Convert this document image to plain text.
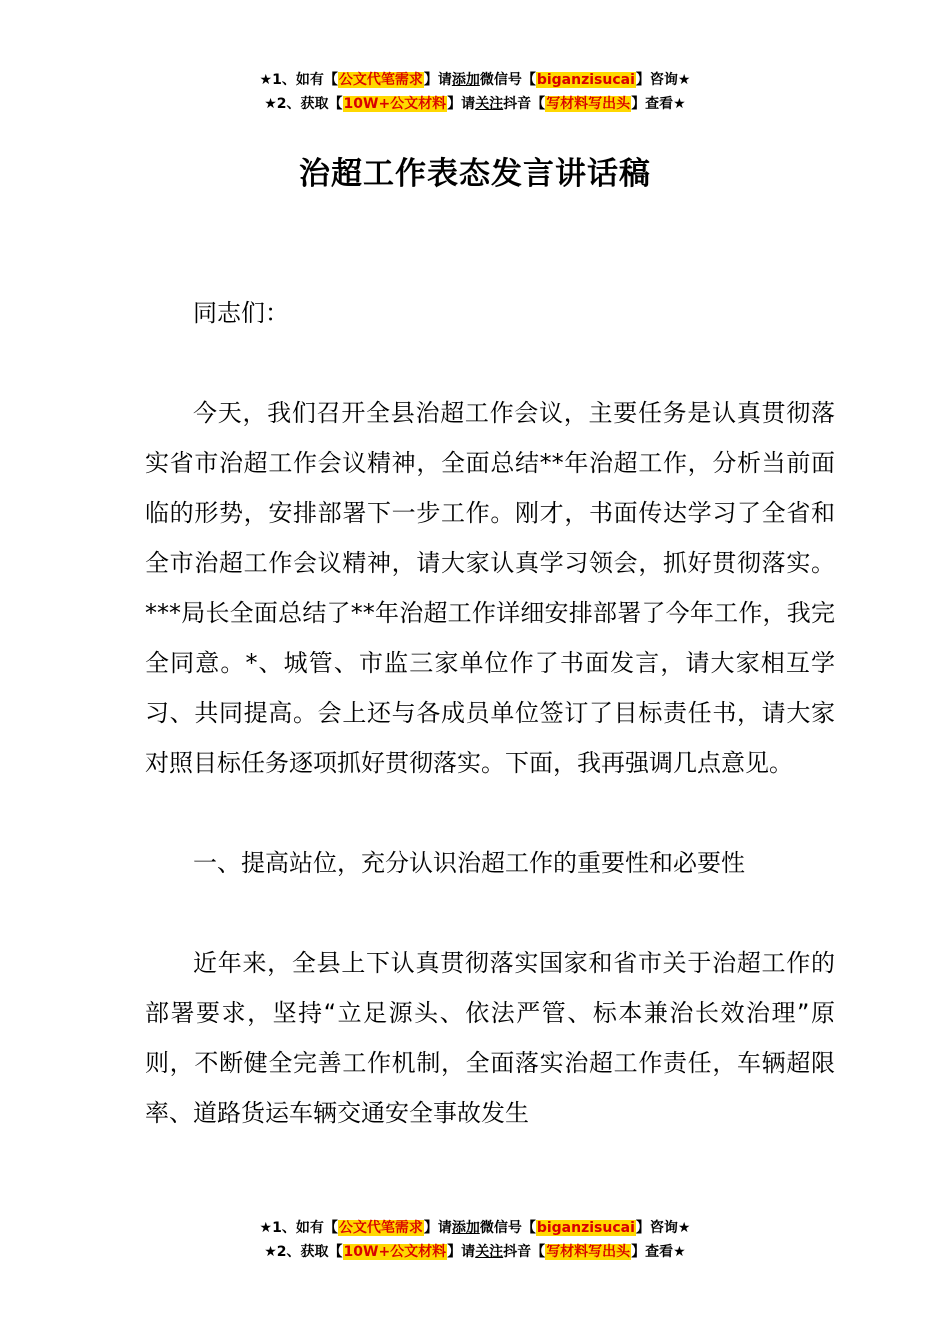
★1、如有【公文代笔需求】请添加微信号【biganzisucai】咨询★
★2、获取【10W+公文材料】请关注抖音【写材料写出头】查看★
治超工作表态发言讲话稿

同志们：

今天，我们召开全县治超工作会议，主要任务是认真贯彻落实省市治超工作会议精神，全面总结**年治超工作，分析当前面临的形势，安排部署下一步工作。刚才，书面传达学习了全省和全市治超工作会议精神，请大家认真学习领会，抓好贯彻落实。***局长全面总结了**年治超工作详细安排部署了今年工作，我完全同意。*、城管、市监三家单位作了书面发言，请大家相互学习、共同提高。会上还与各成员单位签订了目标责任书，请大家对照目标任务逐项抓好贯彻落实。下面，我再强调几点意见。

一、提高站位，充分认识治超工作的重要性和必要性

近年来，全县上下认真贯彻落实国家和省市关于治超工作的部署要求，坚持“立足源头、依法严管、标本兼治长效治理”原则，不断健全完善工作机制，全面落实治超工作责任，车辆超限率、道路货运车辆交通安全事故发生

★1、如有【公文代笔需求】请添加微信号【biganzisucai】咨询★
★2、获取【10W+公文材料】请关注抖音【写材料写出头】查看★
